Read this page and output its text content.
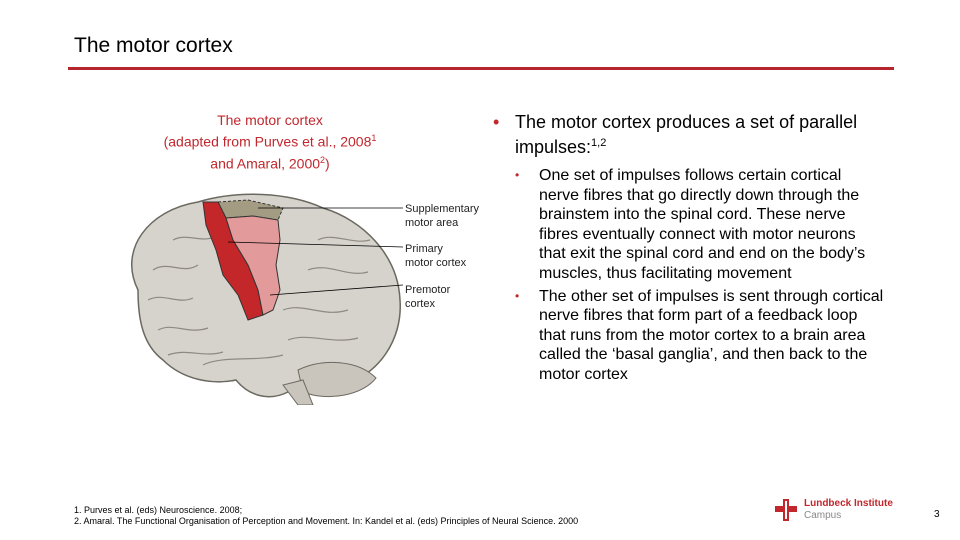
The motor cortex
The motor cortex
(adapted from Purves et al., 2008$^1$
and Amaral, 2000$^2$)
Supplementary
motor area
Primary
motor cortex
Premotor
cortex
• The motor cortex produces a set of parallel impulses:$^{1,2}$
• One set of impulses follows certain cortical nerve fibres that go directly down through the brainstem into the spinal cord. These nerve fibres eventually connect with motor neurons that exit the spinal cord and end on the body’s muscles, thus facilitating movement
• The other set of impulses is sent through cortical nerve fibres that form part of a feedback loop that runs from the motor cortex to a brain area called the ‘basal ganglia’, and then back to the motor cortex
1. Purves et al. (eds) Neuroscience. 2008;
2. Amaral. The Functional Organisation of Perception and Movement. In: Kandel et al. (eds) Principles of Neural Science. 2000
Lundbeck Institute
Campus	3
